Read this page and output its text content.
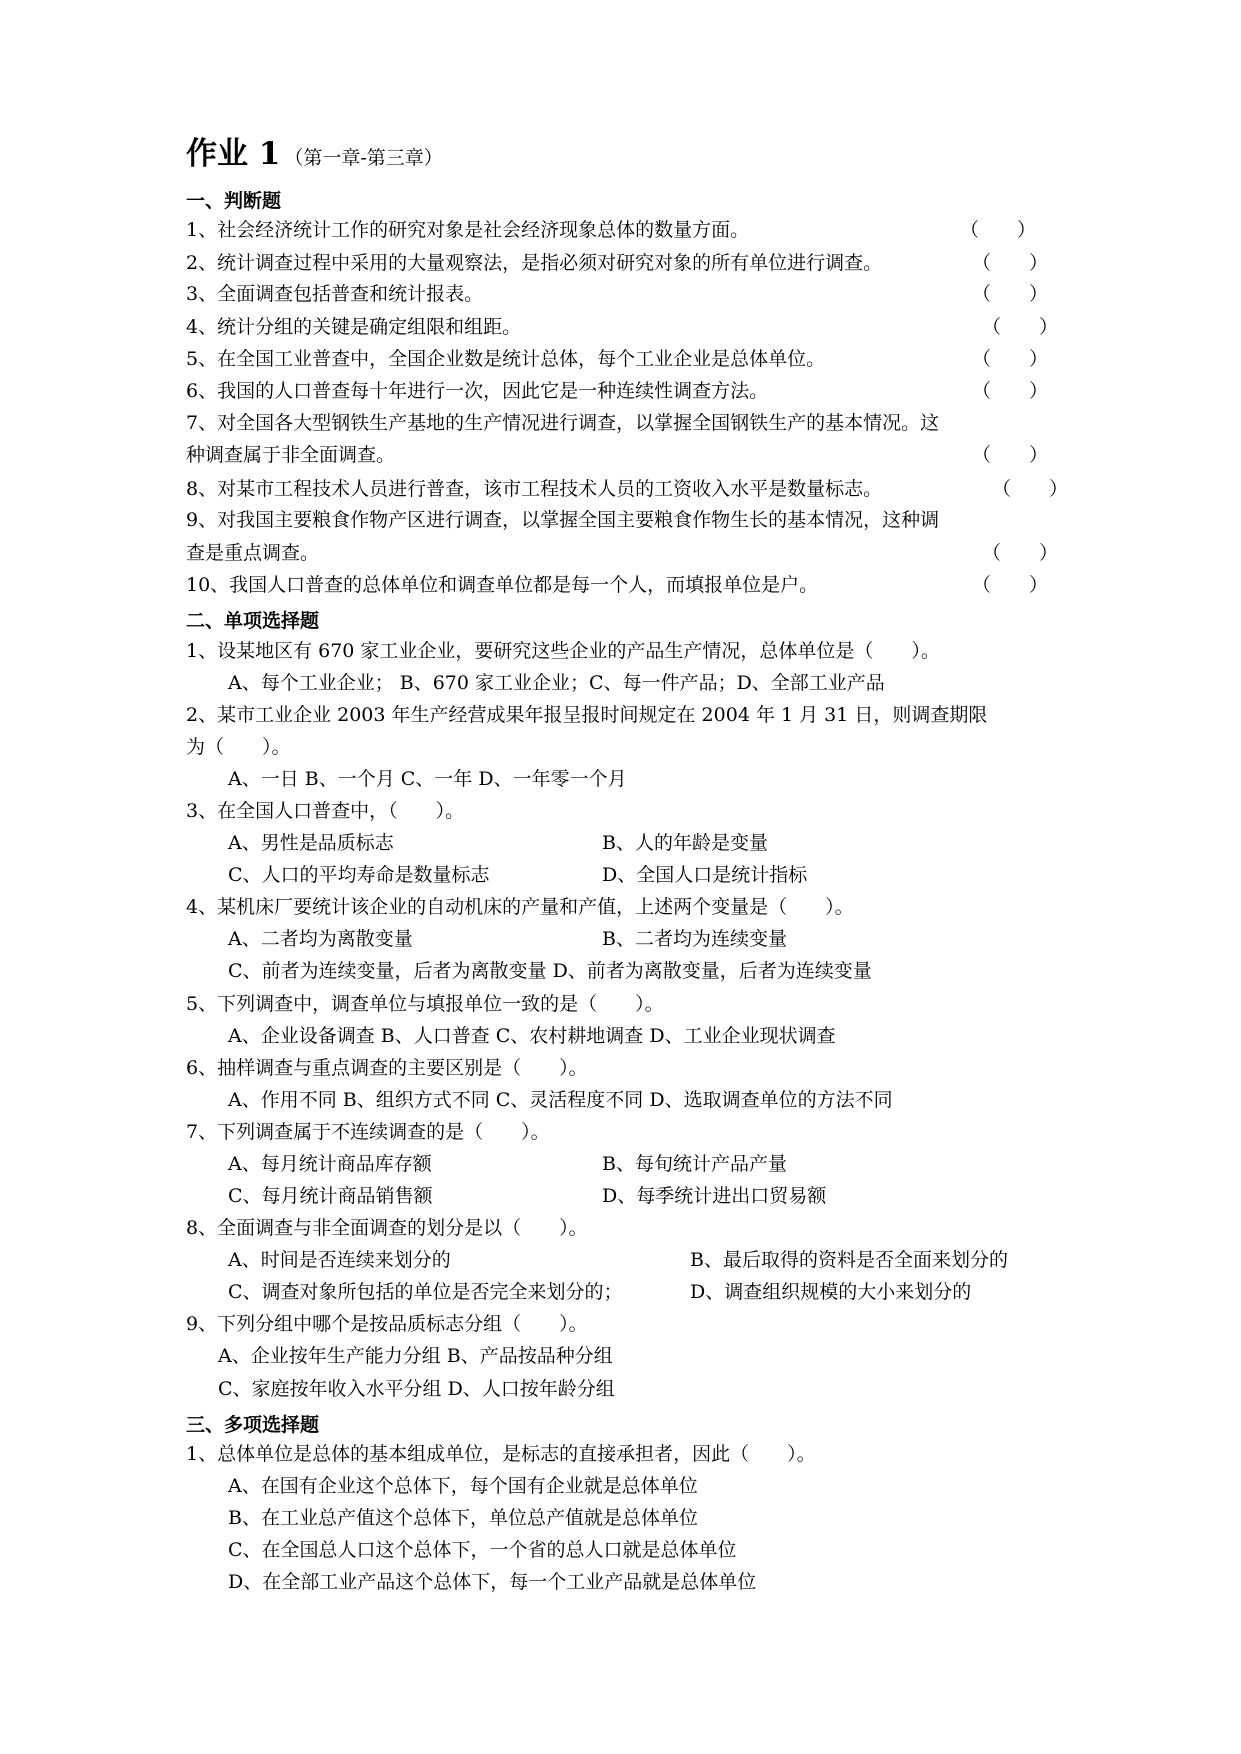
作业 1 （第一章-第三章）
一、判断题
1、社会经济统计工作的研究对象是社会经济现象总体的数量方面。	（　　）
2、统计调查过程中采用的大量观察法，是指必须对研究对象的所有单位进行调查。	（　　）
3、全面调查包括普查和统计报表。	（　　）
4、统计分组的关键是确定组限和组距。	（　　）
5、在全国工业普查中，全国企业数是统计总体，每个工业企业是总体单位。	（　　）
6、我国的人口普查每十年进行一次，因此它是一种连续性调查方法。	（　　）
7、对全国各大型钢铁生产基地的生产情况进行调查，以掌握全国钢铁生产的基本情况。这
种调查属于非全面调查。	（　　）
8、对某市工程技术人员进行普查，该市工程技术人员的工资收入水平是数量标志。	（　　）
9、对我国主要粮食作物产区进行调查，以掌握全国主要粮食作物生长的基本情况，这种调
查是重点调查。	（　　）
10、我国人口普查的总体单位和调查单位都是每一个人，而填报单位是户。	（　　）
二、单项选择题
1、设某地区有 670 家工业企业，要研究这些企业的产品生产情况，总体单位是（　　）。
A、每个工业企业； B、670 家工业企业；C、每一件产品；D、全部工业产品
2、某市工业企业 2003 年生产经营成果年报呈报时间规定在 2004 年 1 月 31 日，则调查期限
为（　　）。
A、一日 B、一个月 C、一年 D、一年零一个月
3、在全国人口普查中，（　　）。
A、男性是品质标志	B、人的年龄是变量
C、人口的平均寿命是数量标志	D、全国人口是统计指标
4、某机床厂要统计该企业的自动机床的产量和产值，上述两个变量是（　　）。
A、二者均为离散变量	B、二者均为连续变量
C、前者为连续变量，后者为离散变量 D、前者为离散变量，后者为连续变量
5、下列调查中，调查单位与填报单位一致的是（　　）。
A、企业设备调查 B、人口普查 C、农村耕地调查 D、工业企业现状调查
6、抽样调查与重点调查的主要区别是（　　）。
A、作用不同 B、组织方式不同 C、灵活程度不同 D、选取调查单位的方法不同
7、下列调查属于不连续调查的是（　　）。
A、每月统计商品库存额	B、每旬统计产品产量
C、每月统计商品销售额	D、每季统计进出口贸易额
8、全面调查与非全面调查的划分是以（　　）。
A、时间是否连续来划分的	B、最后取得的资料是否全面来划分的
C、调查对象所包括的单位是否完全来划分的；	D、调查组织规模的大小来划分的
9、下列分组中哪个是按品质标志分组（　　）。
A、企业按年生产能力分组 B、产品按品种分组
C、家庭按年收入水平分组 D、人口按年龄分组
三、多项选择题
1、总体单位是总体的基本组成单位，是标志的直接承担者，因此（　　）。
A、在国有企业这个总体下，每个国有企业就是总体单位
B、在工业总产值这个总体下，单位总产值就是总体单位
C、在全国总人口这个总体下，一个省的总人口就是总体单位
D、在全部工业产品这个总体下，每一个工业产品就是总体单位
